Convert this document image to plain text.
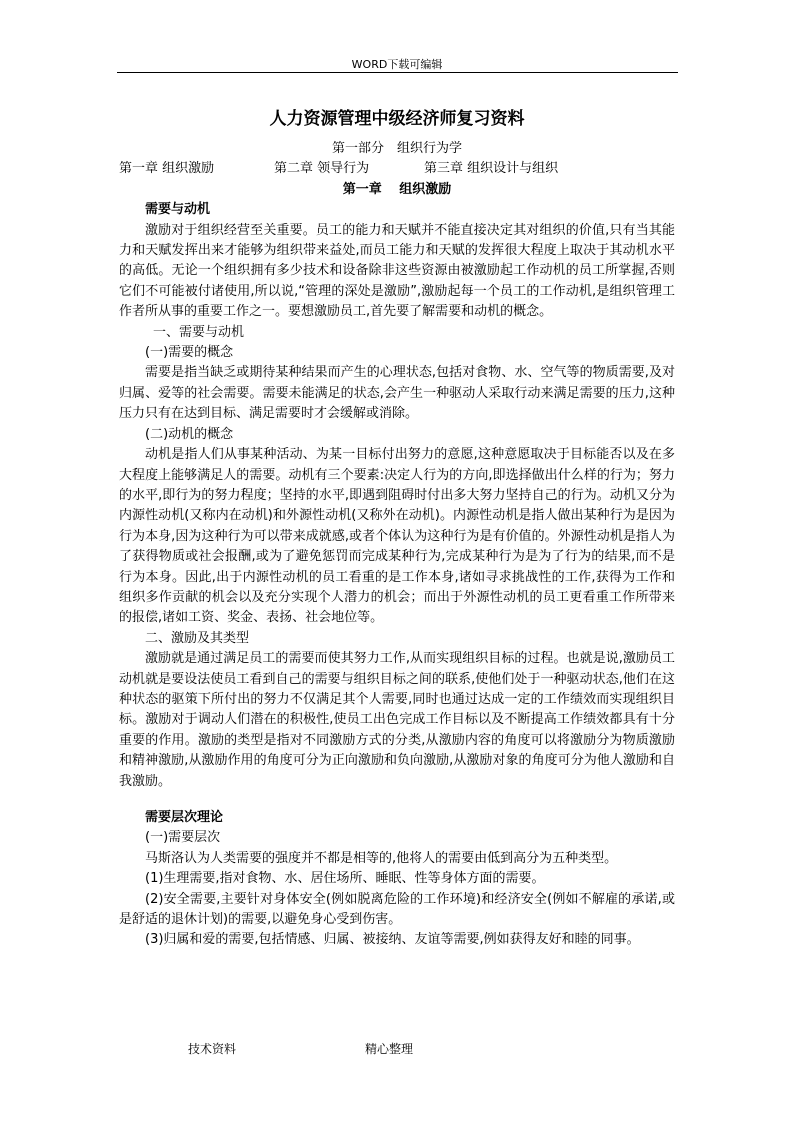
WORD下载可编辑
人力资源管理中级经济师复习资料
第一部分　组织行为学
第一章 组织激励	第二章 领导行为	第三章 组织设计与组织
第一章　 组织激励
需要与动机

激励对于组织经营至关重要。员工的能力和天赋并不能直接决定其对组织的价值,只有当其能力和天赋发挥出来才能够为组织带来益处,而员工能力和天赋的发挥很大程度上取决于其动机水平的高低。无论一个组织拥有多少技术和设备除非这些资源由被激励起工作动机的员工所掌握,否则它们不可能被付诸使用,所以说,“管理的深处是激励”,激励起每一个员工的工作动机,是组织管理工作者所从事的重要工作之一。要想激励员工,首先要了解需要和动机的概念。

一、需要与动机
(一)需要的概念

需要是指当缺乏或期待某种结果而产生的心理状态,包括对食物、水、空气等的物质需要,及对归属、爱等的社会需要。需要未能满足的状态,会产生一种驱动人采取行动来满足需要的压力,这种压力只有在达到目标、满足需要时才会缓解或消除。

(二)动机的概念

动机是指人们从事某种活动、为某一目标付出努力的意愿,这种意愿取决于目标能否以及在多大程度上能够满足人的需要。动机有三个要素:决定人行为的方向,即选择做出什么样的行为；努力的水平,即行为的努力程度；坚持的水平,即遇到阻碍时付出多大努力坚持自己的行为。动机又分为内源性动机(又称内在动机)和外源性动机(又称外在动机)。内源性动机是指人做出某种行为是因为行为本身,因为这种行为可以带来成就感,或者个体认为这种行为是有价值的。外源性动机是指人为了获得物质或社会报酬,或为了避免惩罚而完成某种行为,完成某种行为是为了行为的结果,而不是行为本身。因此,出于内源性动机的员工看重的是工作本身,诸如寻求挑战性的工作,获得为工作和组织多作贡献的机会以及充分实现个人潜力的机会；而出于外源性动机的员工更看重工作所带来的报偿,诸如工资、奖金、表扬、社会地位等。

二、激励及其类型

激励就是通过满足员工的需要而使其努力工作,从而实现组织目标的过程。也就是说,激励员工动机就是要设法使员工看到自己的需要与组织目标之间的联系,使他们处于一种驱动状态,他们在这种状态的驱策下所付出的努力不仅满足其个人需要,同时也通过达成一定的工作绩效而实现组织目标。激励对于调动人们潜在的积极性,使员工出色完成工作目标以及不断提高工作绩效都具有十分重要的作用。激励的类型是指对不同激励方式的分类,从激励内容的角度可以将激励分为物质激励和精神激励,从激励作用的角度可分为正向激励和负向激励,从激励对象的角度可分为他人激励和自我激励。

需要层次理论
(一)需要层次

马斯洛认为人类需要的强度并不都是相等的,他将人的需要由低到高分为五种类型。

(1)生理需要,指对食物、水、居住场所、睡眠、性等身体方面的需要。

(2)安全需要,主要针对身体安全(例如脱离危险的工作环境)和经济安全(例如不解雇的承诺,或是舒适的退休计划)的需要,以避免身心受到伤害。

(3)归属和爱的需要,包括情感、归属、被接纳、友谊等需要,例如获得友好和睦的同事。

技术资料	精心整理
